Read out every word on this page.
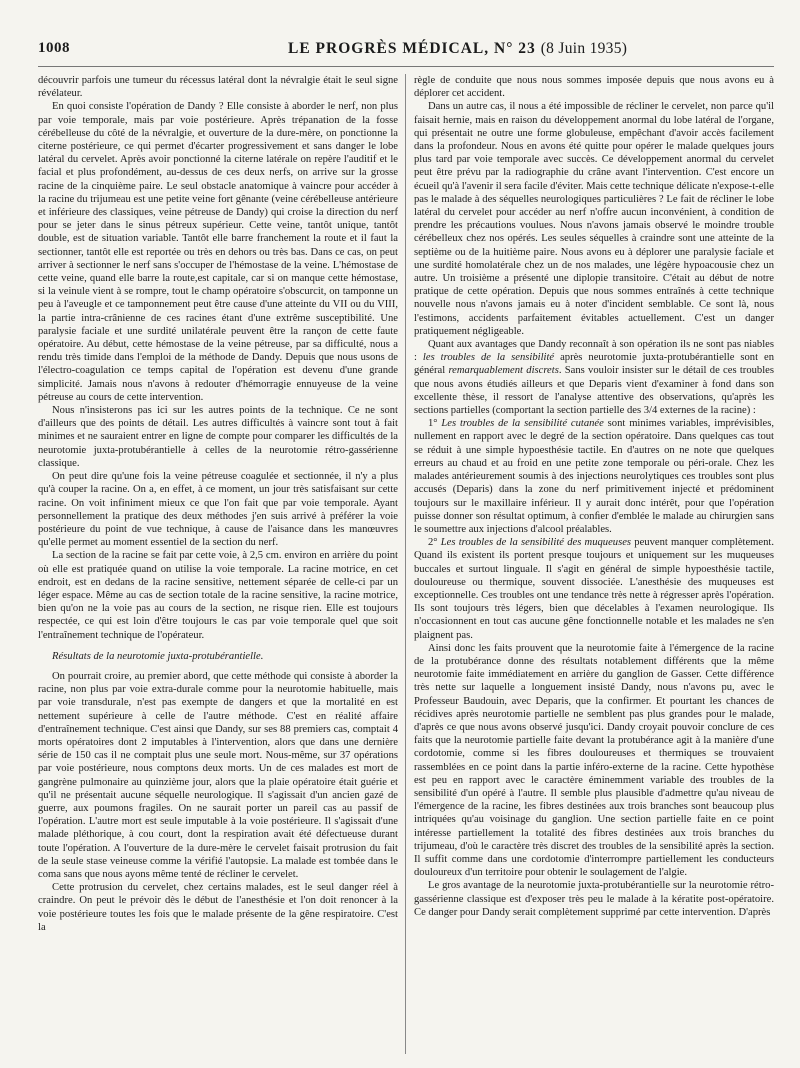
1008	LE PROGRÈS MÉDICAL, N° 23 (8 Juin 1935)

découvrir parfois une tumeur du récessus latéral dont la névralgie était le seul signe révélateur.

En quoi consiste l'opération de Dandy ? Elle consiste à aborder le nerf, non plus par voie temporale, mais par voie postérieure. Après trépanation de la fosse cérébelleuse du côté de la névralgie, et ouverture de la dure-mère, on ponctionne la citerne postérieure, ce qui permet d'écarter progressivement et sans danger le lobe latéral du cervelet. Après avoir ponctionné la citerne latérale on repère l'auditif et le facial et plus profondément, au-dessus de ces deux nerfs, on arrive sur la grosse racine de la cinquième paire. Le seul obstacle anatomique à vaincre pour accéder à la racine du trijumeau est une petite veine fort gênante (veine cérébelleuse antérieure et inférieure des classiques, veine pétreuse de Dandy) qui croise la direction du nerf pour se jeter dans le sinus pétreux supérieur. Cette veine, tantôt unique, tantôt double, est de situation variable. Tantôt elle barre franchement la route et il faut la sectionner, tantôt elle est reportée ou très en dehors ou très bas. Dans ce cas, on peut arriver à sectionner le nerf sans s'occuper de l'hémostase de la veine. L'hémostase de cette veine, quand elle barre la route,est capitale, car si on manque cette hémostase, si la veinule vient à se rompre, tout le champ opératoire s'obscurcit, on tamponne un peu à l'aveugle et ce tamponnement peut être cause d'une atteinte du VII ou du VIII, la partie intra-crânienne de ces racines étant d'une extrême susceptibilité. Une paralysie faciale et une surdité unilatérale peuvent être la rançon de cette faute opératoire. Au début, cette hémostase de la veine pétreuse, par sa difficulté, nous a rendu très timide dans l'emploi de la méthode de Dandy. Depuis que nous usons de l'électro-coagulation ce temps capital de l'opération est devenu d'une grande simplicité. Jamais nous n'avons à redouter d'hémorragie ennuyeuse de la veine pétreuse au cours de cette intervention.

Nous n'insisterons pas ici sur les autres points de la technique. Ce ne sont d'ailleurs que des points de détail. Les autres difficultés à vaincre sont tout à fait minimes et ne sauraient entrer en ligne de compte pour comparer les difficultés de la neurotomie juxta-protubérantielle à celles de la neurotomie rétro-gassérienne classique.

On peut dire qu'une fois la veine pétreuse coagulée et sectionnée, il n'y a plus qu'à couper la racine. On a, en effet, à ce moment, un jour très satisfaisant sur cette racine. On voit infiniment mieux ce que l'on fait que par voie temporale. Ayant personnellement la pratique des deux méthodes j'en suis arrivé à préférer la voie postérieure du point de vue technique, à cause de l'aisance dans les manœuvres qu'elle permet au moment essentiel de la section du nerf.

La section de la racine se fait par cette voie, à 2,5 cm. environ en arrière du point où elle est pratiquée quand on utilise la voie temporale. La racine motrice, en cet endroit, est en dedans de la racine sensitive, nettement séparée de celle-ci par un léger espace. Même au cas de section totale de la racine sensitive, la racine motrice, bien qu'on ne la voie pas au cours de la section, ne risque rien. Elle est toujours respectée, ce qui est loin d'être toujours le cas par voie temporale quel que soit l'entraînement technique de l'opérateur.

Résultats de la neurotomie juxta-protubérantielle.

On pourrait croire, au premier abord, que cette méthode qui consiste à aborder la racine, non plus par voie extra-durale comme pour la neurotomie habituelle, mais par voie transdurale, n'est pas exempte de dangers et que la mortalité en est nettement supérieure à celle de l'autre méthode. C'est en réalité affaire d'entraînement technique. C'est ainsi que Dandy, sur ses 88 premiers cas, comptait 4 morts opératoires dont 2 imputables à l'intervention, alors que dans une dernière série de 150 cas il ne comptait plus une seule mort. Nous-même, sur 37 opérations par voie postérieure, nous comptons deux morts. Un de ces malades est mort de gangrène pulmonaire au quinzième jour, alors que la plaie opératoire était guérie et qu'il ne présentait aucune séquelle neurologique. Il s'agissait d'un ancien gazé de guerre, aux poumons fragiles. On ne saurait porter un pareil cas au passif de l'opération. L'autre mort est seule imputable à la voie postérieure. Il s'agissait d'une malade pléthorique, à cou court, dont la respiration avait été défectueuse durant toute l'opération. A l'ouverture de la dure-mère le cervelet faisait protrusion du fait de la seule stase veineuse comme la vérifié l'autopsie. La malade est tombée dans le coma sans que nous ayons même tenté de récliner le cervelet.

Cette protrusion du cervelet, chez certains malades, est le seul danger réel à craindre. On peut le prévoir dès le début de l'anesthésie et l'on doit renoncer à la voie postérieure toutes les fois que le malade présente de la gêne respiratoire. C'est la

règle de conduite que nous nous sommes imposée depuis que nous avons eu à déplorer cet accident.

Dans un autre cas, il nous a été impossible de récliner le cervelet, non parce qu'il faisait hernie, mais en raison du développement anormal du lobe latéral de l'organe, qui présentait ne outre une forme globuleuse, empêchant d'avoir accès facilement dans la profondeur. Nous en avons été quitte pour opérer le malade quelques jours plus tard par voie temporale avec succès. Ce développement anormal du cervelet peut être prévu par la radiographie du crâne avant l'intervention. C'est encore un écueil qu'à l'avenir il sera facile d'éviter. Mais cette technique délicate n'expose-t-elle pas le malade à des séquelles neurologiques particulières ? Le fait de récliner le lobe latéral du cervelet pour accéder au nerf n'offre aucun inconvénient, à condition de prendre les précautions voulues. Nous n'avons jamais observé le moindre trouble cérébelleux chez nos opérés. Les seules séquelles à craindre sont une atteinte de la septième ou de la huitième paire. Nous avons eu à déplorer une paralysie faciale et une surdité homolatérale chez un de nos malades, une légère hypoacousie chez un autre. Un troisième a présenté une diplopie transitoire. C'était au début de notre pratique de cette opération. Depuis que nous sommes entraînés à cette technique nouvelle nous n'avons jamais eu à noter d'incident semblable. Ce sont là, nous l'estimons, accidents parfaitement évitables actuellement. C'est un danger pratiquement négligeable.

Quant aux avantages que Dandy reconnaît à son opération ils ne sont pas niables : les troubles de la sensibilité après neurotomie juxta-protubérantielle sont en général remarquablement discrets. Sans vouloir insister sur le détail de ces troubles que nous avons étudiés ailleurs et que Deparis vient d'examiner à fond dans son excellente thèse, il ressort de l'analyse attentive des observations, qu'après les sections partielles (comportant la section partielle des 3/4 externes de la racine) :

1° Les troubles de la sensibilité cutanée sont minimes variables, imprévisibles, nullement en rapport avec le degré de la section opératoire. Dans quelques cas tout se réduit à une simple hypoesthésie tactile. En d'autres on ne note que quelques erreurs au chaud et au froid en une petite zone temporale ou péri-orale. Chez les malades antérieurement soumis à des injections neurolytiques ces troubles sont plus accusés (Deparis) dans la zone du nerf primitivement injecté et prédominent toujours sur le maxillaire inférieur. Il y aurait donc intérêt, pour que l'opération puisse donner son résultat optimum, à conﬁer d'emblée le malade au chirurgien sans le soumettre aux injections d'alcool préalables.

2° Les troubles de la sensibilité des muqueuses peuvent manquer complètement. Quand ils existent ils portent presque toujours et uniquement sur les muqueuses buccales et surtout linguale. Il s'agit en général de simple hypoesthésie tactile, douloureuse ou thermique, souvent dissociée. L'anesthésie des muqueuses est exceptionnelle. Ces troubles ont une tendance très nette à régresser après l'opération. Ils sont toujours très légers, bien que décelables à l'examen neurologique. Ils n'occasionnent en tout cas aucune gêne fonctionnelle notable et les malades ne s'en plaignent pas.

Ainsi donc les faits prouvent que la neurotomie faite à l'émergence de la racine de la protubérance donne des résultats notablement différents que la même neurotomie faite immédiatement en arrière du ganglion de Gasser. Cette différence très nette sur laquelle a longuement insisté Dandy, nous n'avons pu, avec le Professeur Baudouin, avec Deparis, que la confirmer. Et pourtant les chances de récidives après neurotomie partielle ne semblent pas plus grandes pour le malade, d'après ce que nous avons observé jusqu'ici. Dandy croyait pouvoir conclure de ces faits que la neurotomie partielle faite devant la protubérance agit à la manière d'une cordotomie, comme si les fibres douloureuses et thermiques se trouvaient rassemblées en ce point dans la partie inféro-externe de la racine. Cette hypothèse est peu en rapport avec le caractère éminemment variable des troubles de la sensibilité d'un opéré à l'autre. Il semble plus plausible d'admettre qu'au niveau de l'émergence de la racine, les fibres destinées aux trois branches sont beaucoup plus intriquées qu'au voisinage du ganglion. Une section partielle faite en ce point intéresse partiellement la totalité des fibres destinées aux trois branches du trijumeau, d'où le caractère très discret des troubles de la sensibilité après la section. Il suffit comme dans une cordotomie d'interrompre partiellement les conducteurs douloureux d'un territoire pour obtenir le soulagement de l'algie.

Le gros avantage de la neurotomie juxta-protubérantielle sur la neurotomie rétro-gassérienne classique est d'exposer très peu le malade à la kératite post-opératoire. Ce danger pour Dandy serait complètement supprimé par cette intervention. D'après
